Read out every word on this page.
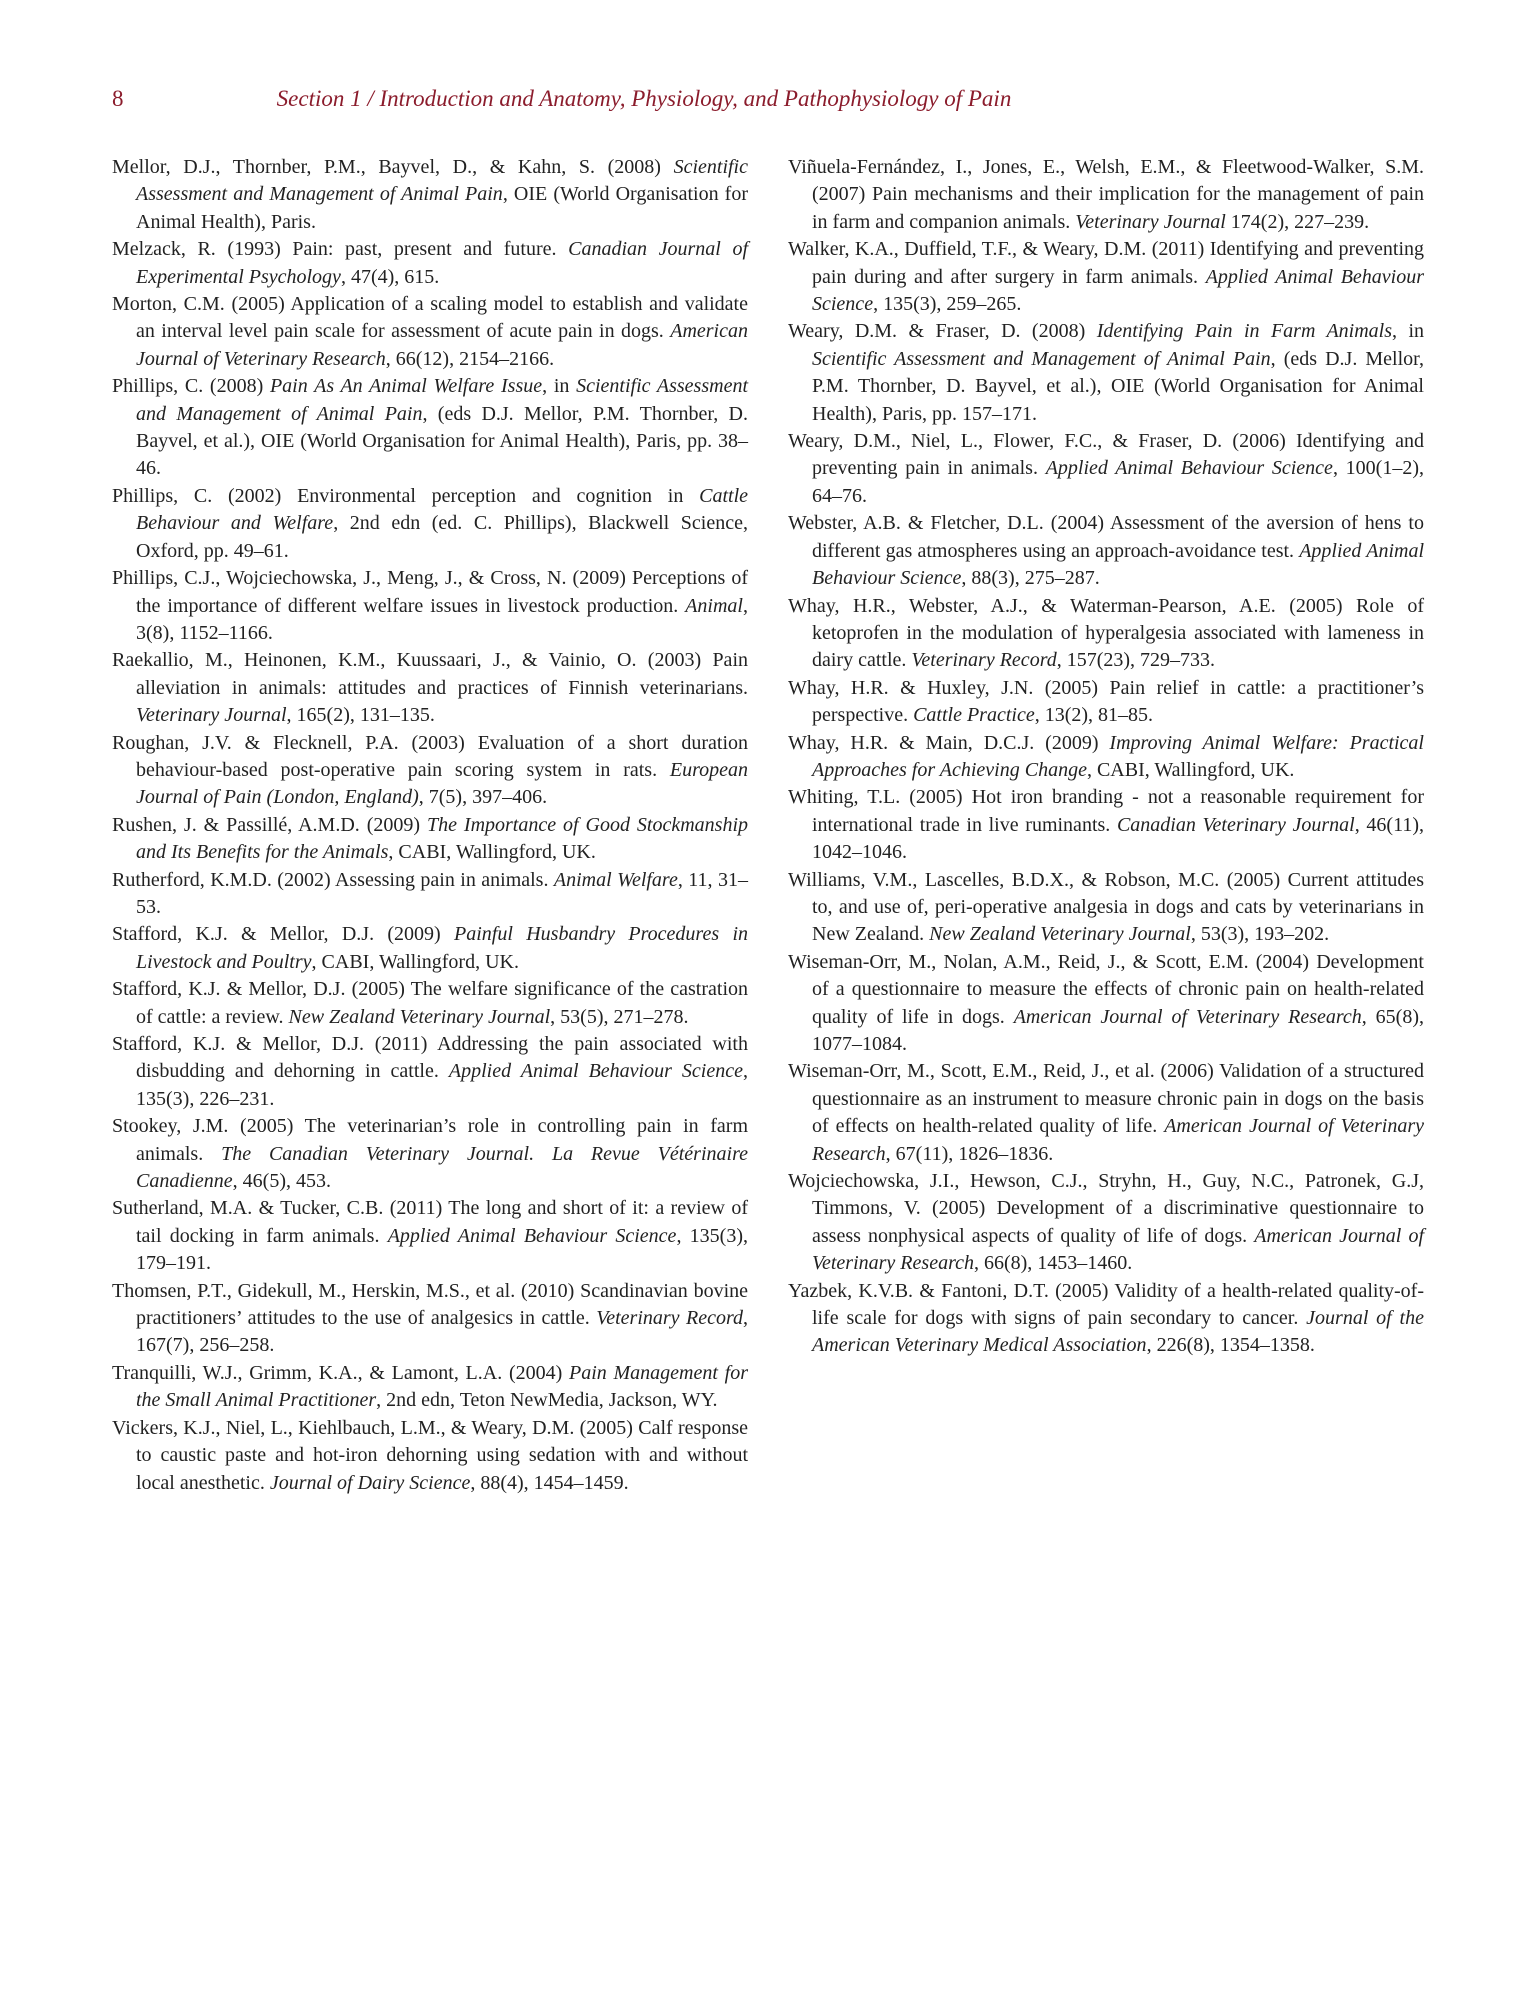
8	Section 1 / Introduction and Anatomy, Physiology, and Pathophysiology of Pain

Mellor, D.J., Thornber, P.M., Bayvel, D., & Kahn, S. (2008) Scientific Assessment and Management of Animal Pain, OIE (World Organisation for Animal Health), Paris.

Melzack, R. (1993) Pain: past, present and future. Canadian Journal of Experimental Psychology, 47(4), 615.

Morton, C.M. (2005) Application of a scaling model to establish and validate an interval level pain scale for assessment of acute pain in dogs. American Journal of Veterinary Research, 66(12), 2154–2166.

Phillips, C. (2008) Pain As An Animal Welfare Issue, in Scientific Assessment and Management of Animal Pain, (eds D.J. Mellor, P.M. Thornber, D. Bayvel, et al.), OIE (World Organisation for Animal Health), Paris, pp. 38–46.

Phillips, C. (2002) Environmental perception and cognition in Cattle Behaviour and Welfare, 2nd edn (ed. C. Phillips), Blackwell Science, Oxford, pp. 49–61.

Phillips, C.J., Wojciechowska, J., Meng, J., & Cross, N. (2009) Perceptions of the importance of different welfare issues in livestock production. Animal, 3(8), 1152–1166.

Raekallio, M., Heinonen, K.M., Kuussaari, J., & Vainio, O. (2003) Pain alleviation in animals: attitudes and practices of Finnish veterinarians. Veterinary Journal, 165(2), 131–135.

Roughan, J.V. & Flecknell, P.A. (2003) Evaluation of a short duration behaviour-based post-operative pain scoring system in rats. European Journal of Pain (London, England), 7(5), 397–406.

Rushen, J. & Passillé, A.M.D. (2009) The Importance of Good Stockmanship and Its Benefits for the Animals, CABI, Wallingford, UK.

Rutherford, K.M.D. (2002) Assessing pain in animals. Animal Welfare, 11, 31–53.

Stafford, K.J. & Mellor, D.J. (2009) Painful Husbandry Procedures in Livestock and Poultry, CABI, Wallingford, UK.

Stafford, K.J. & Mellor, D.J. (2005) The welfare significance of the castration of cattle: a review. New Zealand Veterinary Journal, 53(5), 271–278.

Stafford, K.J. & Mellor, D.J. (2011) Addressing the pain associated with disbudding and dehorning in cattle. Applied Animal Behaviour Science, 135(3), 226–231.

Stookey, J.M. (2005) The veterinarian’s role in controlling pain in farm animals. The Canadian Veterinary Journal. La Revue Vétérinaire Canadienne, 46(5), 453.

Sutherland, M.A. & Tucker, C.B. (2011) The long and short of it: a review of tail docking in farm animals. Applied Animal Behaviour Science, 135(3), 179–191.

Thomsen, P.T., Gidekull, M., Herskin, M.S., et al. (2010) Scandinavian bovine practitioners’ attitudes to the use of analgesics in cattle. Veterinary Record, 167(7), 256–258.

Tranquilli, W.J., Grimm, K.A., & Lamont, L.A. (2004) Pain Management for the Small Animal Practitioner, 2nd edn, Teton NewMedia, Jackson, WY.

Vickers, K.J., Niel, L., Kiehlbauch, L.M., & Weary, D.M. (2005) Calf response to caustic paste and hot-iron dehorning using sedation with and without local anesthetic. Journal of Dairy Science, 88(4), 1454–1459.

Viñuela-Fernández, I., Jones, E., Welsh, E.M., & Fleetwood-Walker, S.M. (2007) Pain mechanisms and their implication for the management of pain in farm and companion animals. Veterinary Journal 174(2), 227–239.

Walker, K.A., Duffield, T.F., & Weary, D.M. (2011) Identifying and preventing pain during and after surgery in farm animals. Applied Animal Behaviour Science, 135(3), 259–265.

Weary, D.M. & Fraser, D. (2008) Identifying Pain in Farm Animals, in Scientific Assessment and Management of Animal Pain, (eds D.J. Mellor, P.M. Thornber, D. Bayvel, et al.), OIE (World Organisation for Animal Health), Paris, pp. 157–171.

Weary, D.M., Niel, L., Flower, F.C., & Fraser, D. (2006) Identifying and preventing pain in animals. Applied Animal Behaviour Science, 100(1–2), 64–76.

Webster, A.B. & Fletcher, D.L. (2004) Assessment of the aversion of hens to different gas atmospheres using an approach-avoidance test. Applied Animal Behaviour Science, 88(3), 275–287.

Whay, H.R., Webster, A.J., & Waterman-Pearson, A.E. (2005) Role of ketoprofen in the modulation of hyperalgesia associated with lameness in dairy cattle. Veterinary Record, 157(23), 729–733.

Whay, H.R. & Huxley, J.N. (2005) Pain relief in cattle: a practitioner’s perspective. Cattle Practice, 13(2), 81–85.

Whay, H.R. & Main, D.C.J. (2009) Improving Animal Welfare: Practical Approaches for Achieving Change, CABI, Wallingford, UK.

Whiting, T.L. (2005) Hot iron branding - not a reasonable requirement for international trade in live ruminants. Canadian Veterinary Journal, 46(11), 1042–1046.

Williams, V.M., Lascelles, B.D.X., & Robson, M.C. (2005) Current attitudes to, and use of, peri-operative analgesia in dogs and cats by veterinarians in New Zealand. New Zealand Veterinary Journal, 53(3), 193–202.

Wiseman-Orr, M., Nolan, A.M., Reid, J., & Scott, E.M. (2004) Development of a questionnaire to measure the effects of chronic pain on health-related quality of life in dogs. American Journal of Veterinary Research, 65(8), 1077–1084.

Wiseman-Orr, M., Scott, E.M., Reid, J., et al. (2006) Validation of a structured questionnaire as an instrument to measure chronic pain in dogs on the basis of effects on health-related quality of life. American Journal of Veterinary Research, 67(11), 1826–1836.

Wojciechowska, J.I., Hewson, C.J., Stryhn, H., Guy, N.C., Patronek, G.J, Timmons, V. (2005) Development of a discriminative questionnaire to assess nonphysical aspects of quality of life of dogs. American Journal of Veterinary Research, 66(8), 1453–1460.

Yazbek, K.V.B. & Fantoni, D.T. (2005) Validity of a health-related quality-of-life scale for dogs with signs of pain secondary to cancer. Journal of the American Veterinary Medical Association, 226(8), 1354–1358.
